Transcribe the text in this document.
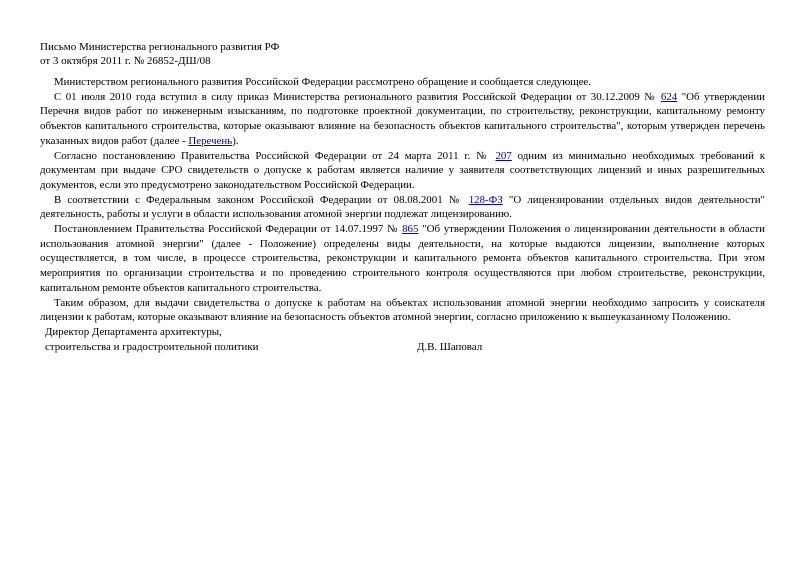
Письмо Министерства регионального развития РФ
от 3 октября 2011 г. № 26852-ДШ/08

Министерством регионального развития Российской Федерации рассмотрено обращение и сообщается следующее.

С 01 июля 2010 года вступил в силу приказ Министерства регионального развития Российской Федерации от 30.12.2009 № 624 "Об утверждении Перечня видов работ по инженерным изысканиям, по подготовке проектной документации, по строительству, реконструкции, капитальному ремонту объектов капитального строительства, которые оказывают влияние на безопасность объектов капитального строительства", которым утвержден перечень указанных видов работ (далее - Перечень).

Согласно постановлению Правительства Российской Федерации от 24 марта 2011 г. № 207 одним из минимально необходимых требований к документам при выдаче СРО свидетельств о допуске к работам является наличие у заявителя соответствующих лицензий и иных разрешительных документов, если это предусмотрено законодательством Российской Федерации.

В соответствии с Федеральным законом Российской Федерации от 08.08.2001 № 128-ФЗ "О лицензировании отдельных видов деятельности" деятельность, работы и услуги в области использования атомной энергии подлежат лицензированию.

Постановлением Правительства Российской Федерации от 14.07.1997 № 865 "Об утверждении Положения о лицензировании деятельности в области использования атомной энергии" (далее - Положение) определены виды деятельности, на которые выдаются лицензии, выполнение которых осуществляется, в том числе, в процессе строительства, реконструкции и капитального ремонта объектов капитального строительства. При этом мероприятия по организации строительства и по проведению строительного контроля осуществляются при любом строительстве, реконструкции, капитальном ремонте объектов капитального строительства.

Таким образом, для выдачи свидетельства о допуске к работам на объектах использования атомной энергии необходимо запросить у соискателя лицензии к работам, которые оказывают влияние на безопасность объектов атомной энергии, согласно приложению к вышеуказанному Положению.

Директор Департамента архитектуры,
строительства и градостроительной политики	Д.В. Шаповал
